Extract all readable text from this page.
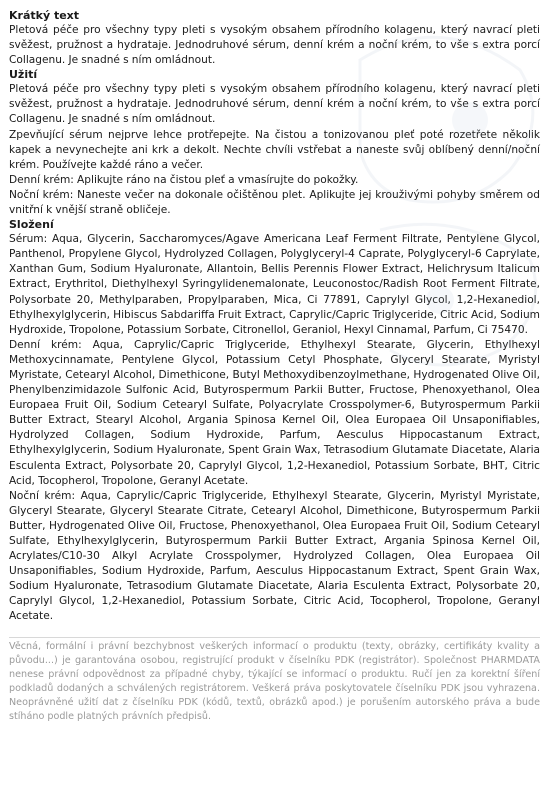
Krátký text

Pletová péče pro všechny typy pleti s vysokým obsahem přírodního kolagenu, který navrací pleti svěžest, pružnost a hydrataje. Jednodruhové sérum, denní krém a noční krém, to vše s extra porcí Collagenu. Je snadné s ním omládnout.

Užití

Pletová péče pro všechny typy pleti s vysokým obsahem přírodního kolagenu, který navrací pleti svěžest, pružnost a hydrataje. Jednodruhové sérum, denní krém a noční krém, to vše s extra porcí Collagenu. Je snadné s ním omládnout.

Zpevňující sérum nejprve lehce protřepejte. Na čistou a tonizovanou pleť poté rozetřete několik kapek a nevynechejte ani krk a dekolt. Nechte chvíli vstřebat a naneste svůj oblíbený denní/noční krém. Používejte každé ráno a večer.

Denní krém: Aplikujte ráno na čistou pleť a vmasírujte do pokožky.

Noční krém: Naneste večer na dokonale očištěnou plet. Aplikujte jej krouživými pohyby směrem od vnitřní k vnější straně obličeje.

Složení

Sérum: Aqua, Glycerin, Saccharomyces/Agave Americana Leaf Ferment Filtrate, Pentylene Glycol, Panthenol, Propylene Glycol, Hydrolyzed Collagen, Polyglyceryl-4 Caprate, Polyglyceryl-6 Caprylate, Xanthan Gum, Sodium Hyaluronate, Allantoin, Bellis Perennis Flower Extract, Helichrysum Italicum Extract, Erythritol, Diethylhexyl Syringylidenemalonate, Leuconostoc/Radish Root Ferment Filtrate, Polysorbate 20, Methylparaben, Propylparaben, Mica, Ci 77891, Caprylyl Glycol, 1,2-Hexanediol, Ethylhexylglycerin, Hibiscus Sabdariffa Fruit Extract, Caprylic/Capric Triglyceride, Citric Acid, Sodium Hydroxide, Tropolone, Potassium Sorbate, Citronellol, Geraniol, Hexyl Cinnamal, Parfum, Ci 75470.

Denní krém: Aqua, Caprylic/Capric Triglyceride, Ethylhexyl Stearate, Glycerin, Ethylhexyl Methoxycinnamate, Pentylene Glycol, Potassium Cetyl Phosphate, Glyceryl Stearate, Myristyl Myristate, Cetearyl Alcohol, Dimethicone, Butyl Methoxydibenzoylmethane, Hydrogenated Olive Oil, Phenylbenzimidazole Sulfonic Acid, Butyrospermum Parkii Butter, Fructose, Phenoxyethanol, Olea Europaea Fruit Oil, Sodium Cetearyl Sulfate, Polyacrylate Crosspolymer-6, Butyrospermum Parkii Butter Extract, Stearyl Alcohol, Argania Spinosa Kernel Oil, Olea Europaea Oil Unsaponifiables, Hydrolyzed Collagen, Sodium Hydroxide, Parfum, Aesculus Hippocastanum Extract, Ethylhexylglycerin, Sodium Hyaluronate, Spent Grain Wax, Tetrasodium Glutamate Diacetate, Alaria Esculenta Extract, Polysorbate 20, Caprylyl Glycol, 1,2-Hexanediol, Potassium Sorbate, BHT, Citric Acid, Tocopherol, Tropolone, Geranyl Acetate.

Noční krém: Aqua, Caprylic/Capric Triglyceride, Ethylhexyl Stearate, Glycerin, Myristyl Myristate, Glyceryl Stearate, Glyceryl Stearate Citrate, Cetearyl Alcohol, Dimethicone, Butyrospermum Parkii Butter, Hydrogenated Olive Oil, Fructose, Phenoxyethanol, Olea Europaea Fruit Oil, Sodium Cetearyl Sulfate, Ethylhexylglycerin, Butyrospermum Parkii Butter Extract, Argania Spinosa Kernel Oil, Acrylates/C10-30 Alkyl Acrylate Crosspolymer, Hydrolyzed Collagen, Olea Europaea Oil Unsaponifiables, Sodium Hydroxide, Parfum, Aesculus Hippocastanum Extract, Spent Grain Wax, Sodium Hyaluronate, Tetrasodium Glutamate Diacetate, Alaria Esculenta Extract, Polysorbate 20, Caprylyl Glycol, 1,2-Hexanediol, Potassium Sorbate, Citric Acid, Tocopherol, Tropolone, Geranyl Acetate.

Věcná, formální i právní bezchybnost veškerých informací o produktu (texty, obrázky, certifikáty kvality a původu...) je garantována osobou, registrující produkt v číselníku PDK (registrátor). Společnost PHARMDATA nenese právní odpovědnost za případné chyby, týkající se informací o produktu. Ručí jen za korektní šíření podkladů dodaných a schválených registrátorem. Veškerá práva poskytovatele číselníku PDK jsou vyhrazena. Neoprávněné užití dat z číselníku PDK (kódů, textů, obrázků apod.) je porušením autorského práva a bude stíháno podle platných právních předpisů.
